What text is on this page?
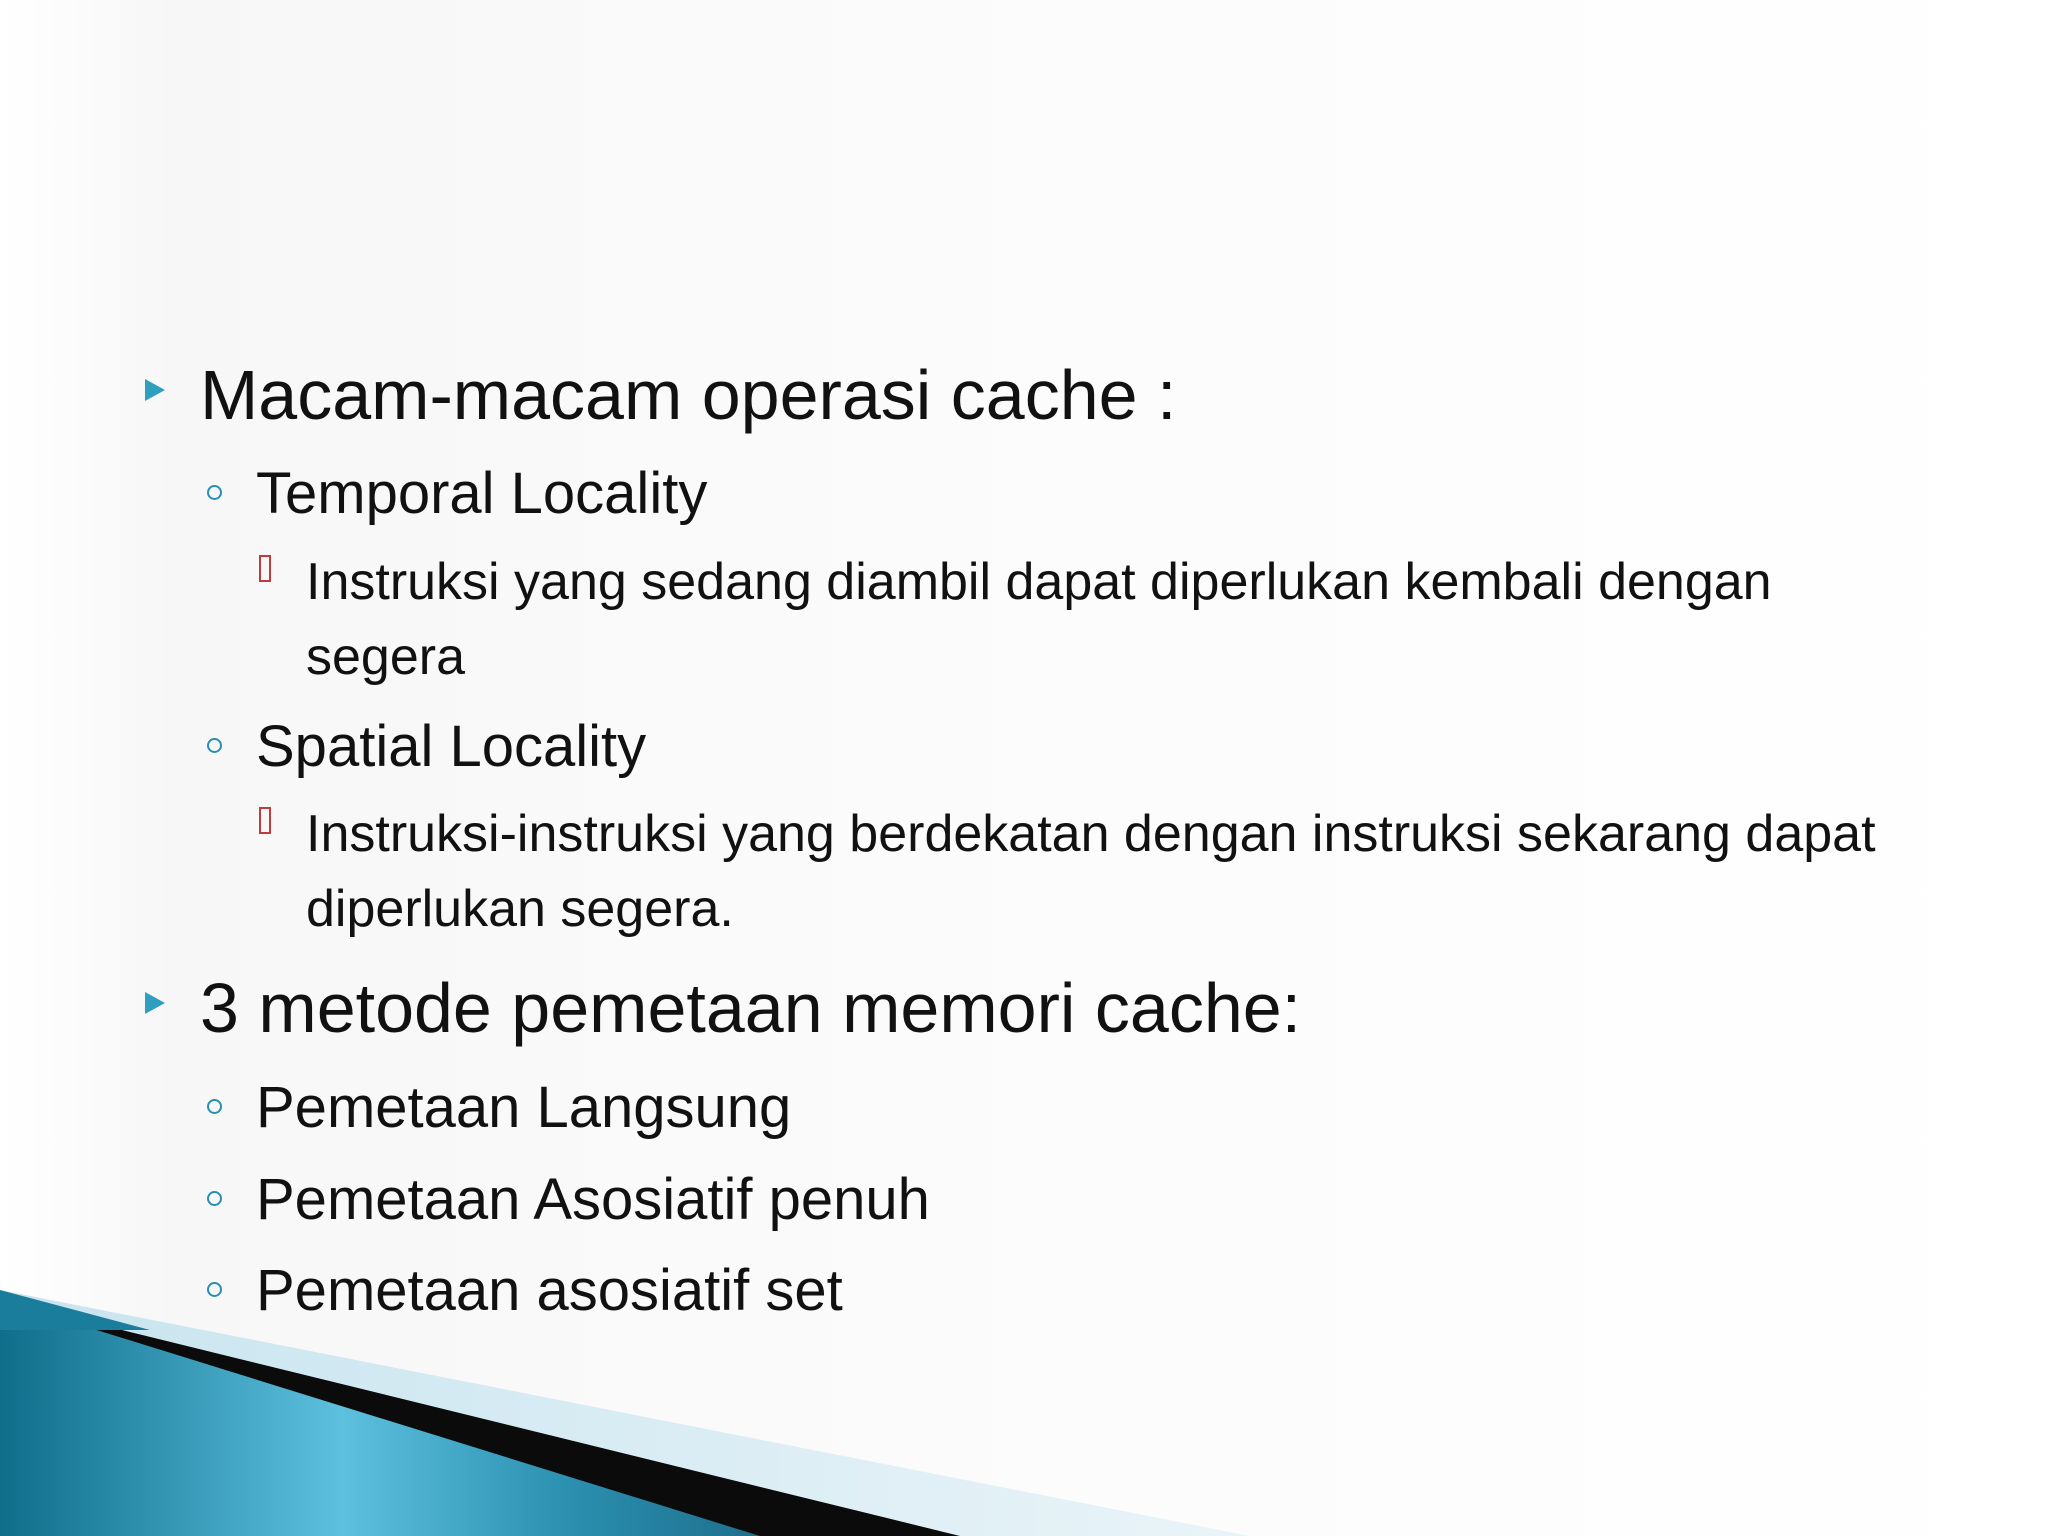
Macam-macam operasi cache :
Temporal Locality
Instruksi yang sedang diambil dapat diperlukan kembali dengan segera
Spatial Locality
Instruksi-instruksi yang berdekatan dengan instruksi sekarang dapat diperlukan segera.
3 metode pemetaan memori cache:
Pemetaan Langsung
Pemetaan Asosiatif penuh
Pemetaan asosiatif set
